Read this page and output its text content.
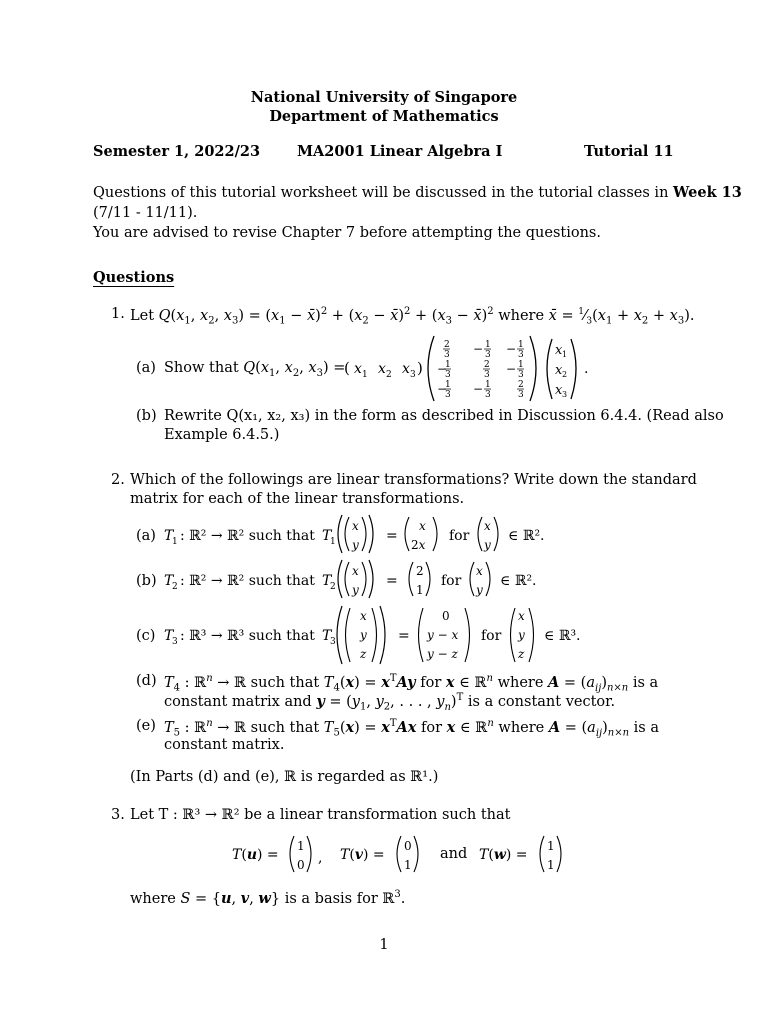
National University of Singapore
Department of Mathematics
Semester 1, 2022/23	MA2001 Linear Algebra I	Tutorial 11
Questions of this tutorial worksheet will be discussed in the tutorial classes in Week 13
(7/11 - 11/11).
You are advised to revise Chapter 7 before attempting the questions.
Questions
1. Let $Q(x_1$, $x_2$, $x_3) = (x_1$ − x̄)$^2$ + ($x_2$ − x̄)$^2$ + ($x_3$ − x̄)$^2$ where x̄ = $^1⁄_3(x_1 + x_2 + x_3)$.
(a) Show that $Q(x_1$, $x_2$, $x_3$) =
( x 1 x 2 x 3 )
2
3 − 1
3 − 1
3
−
1
3
2
3 − 1
3
−
1
3 − 1
3
2
3
x 1
x 2
x 3
.
(b) Rewrite Q(x₁, x₂, x₃) in the form as described in Discussion 6.4.4. (Read also
Example 6.4.5.)
2. Which of the followings are linear transformations? Write down the standard
matrix for each of the linear transformations.
(a) T
1 : ℝ² → ℝ² such that T
1
x
y
=
x
2x
for
x
y
∈ ℝ².
(b) T
2 : ℝ² → ℝ² such that T
2
x
y
=
2
1
for
x
y
∈ ℝ².
(c) T
3 : ℝ³ → ℝ³ such that T
3
x
y
z
=
0
y − x
y − z
for
x
y
z
∈ ℝ³.
(d) $T_4$ : ℝ$^n$ → ℝ such that $T_4(x) = x^TAy$ for x ∈ ℝ$^n$ where $A = (a_{ij})_{n\times n}$ is a
constant matrix and $y = (y_1$, $y_2$, . . . , $y_n)^T$ is a constant vector.
(e) $T_5$ : ℝ$^n$ → ℝ such that $T_5(x) = x^TAx$ for x ∈ ℝ$^n$ where $A = (a_{ij})_{n\times n}$ is a
constant matrix.
(In Parts (d) and (e), ℝ is regarded as ℝ¹.)
3. Let T : ℝ³ → ℝ² be a linear transformation such that
T(u) =
1
0 , T(v) =
0
1
T(w) =
1
1
and
where S = {u, v, w} is a basis for ℝ$^3$.
1
